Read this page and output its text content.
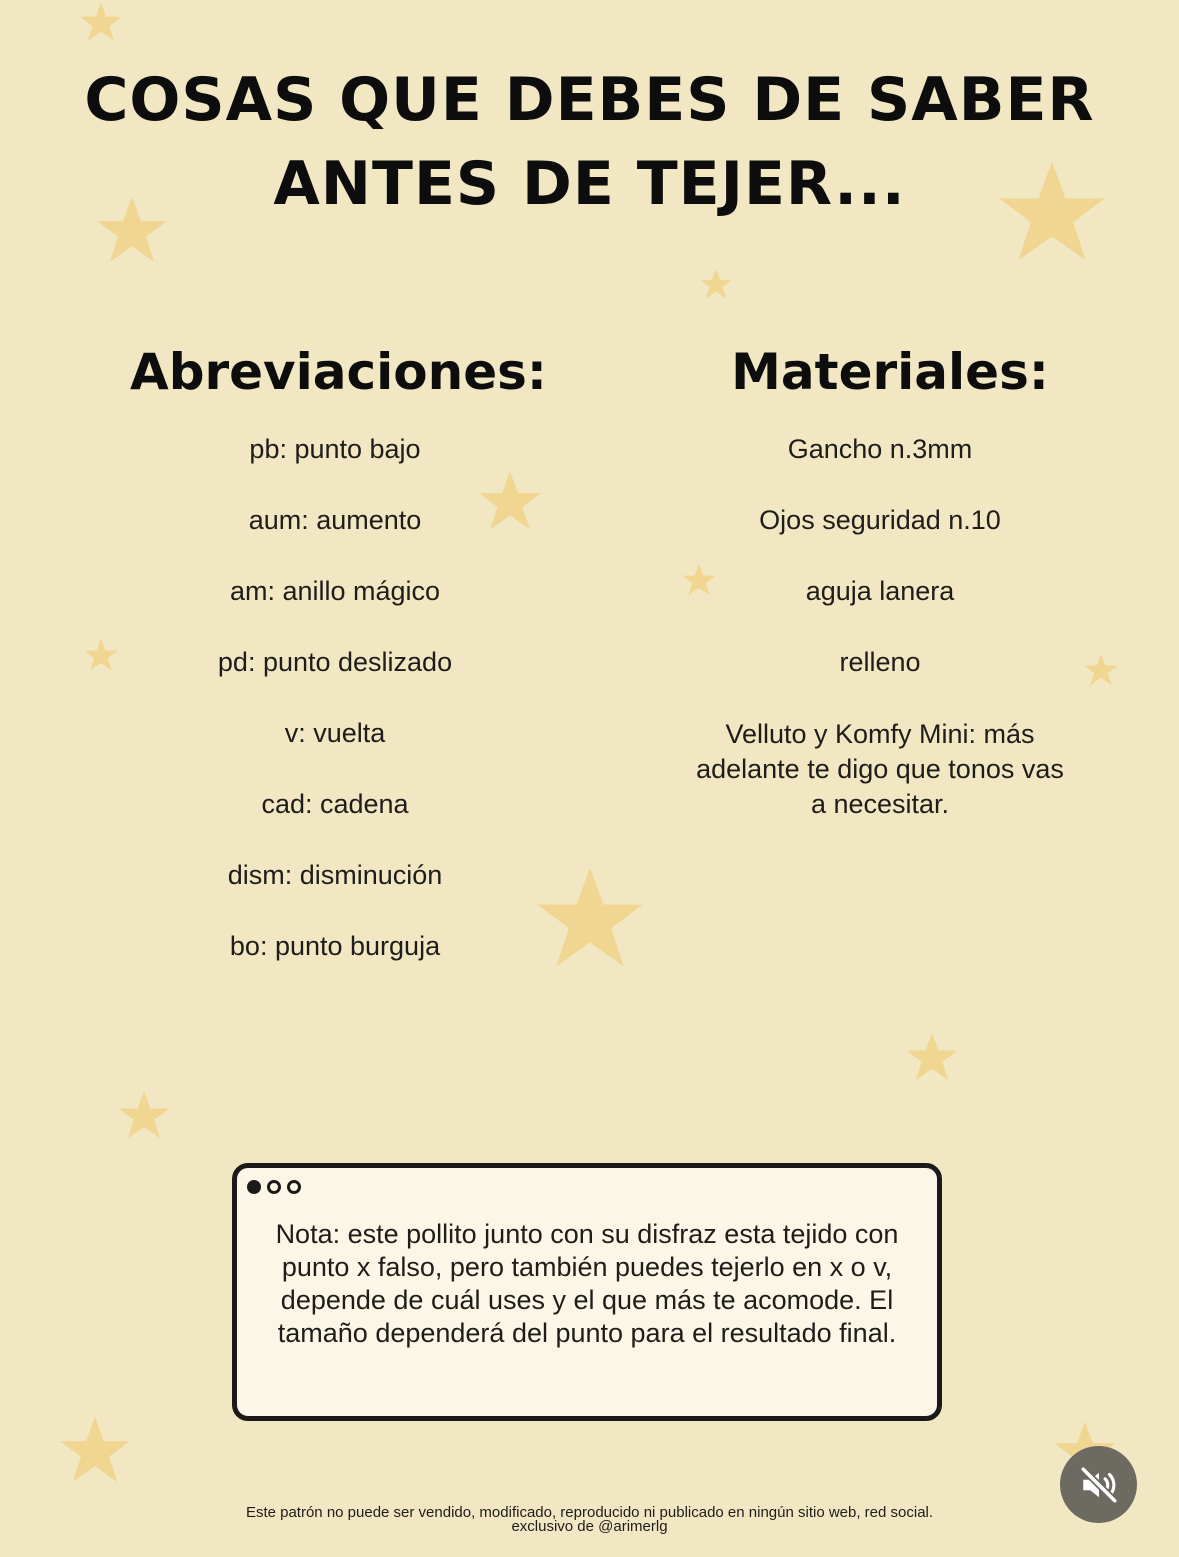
COSAS QUE DEBES DE SABER
ANTES DE TEJER...
Abreviaciones:
pb: punto bajo
aum: aumento
am: anillo mágico
pd: punto deslizado
v: vuelta
cad: cadena
dism: disminución
bo: punto burguja
Materiales:
Gancho n.3mm
Ojos seguridad n.10
aguja lanera
relleno
Velluto y Komfy Mini: más adelante te digo que tonos vas a necesitar.

Nota: este pollito junto con su disfraz esta tejido con punto x falso, pero también puedes tejerlo en x o v, depende de cuál uses y el que más te acomode. El tamaño dependerá del punto para el resultado final.

Este patrón no puede ser vendido, modificado, reproducido ni publicado en ningún sitio web, red social.
exclusivo de @arimerlg
